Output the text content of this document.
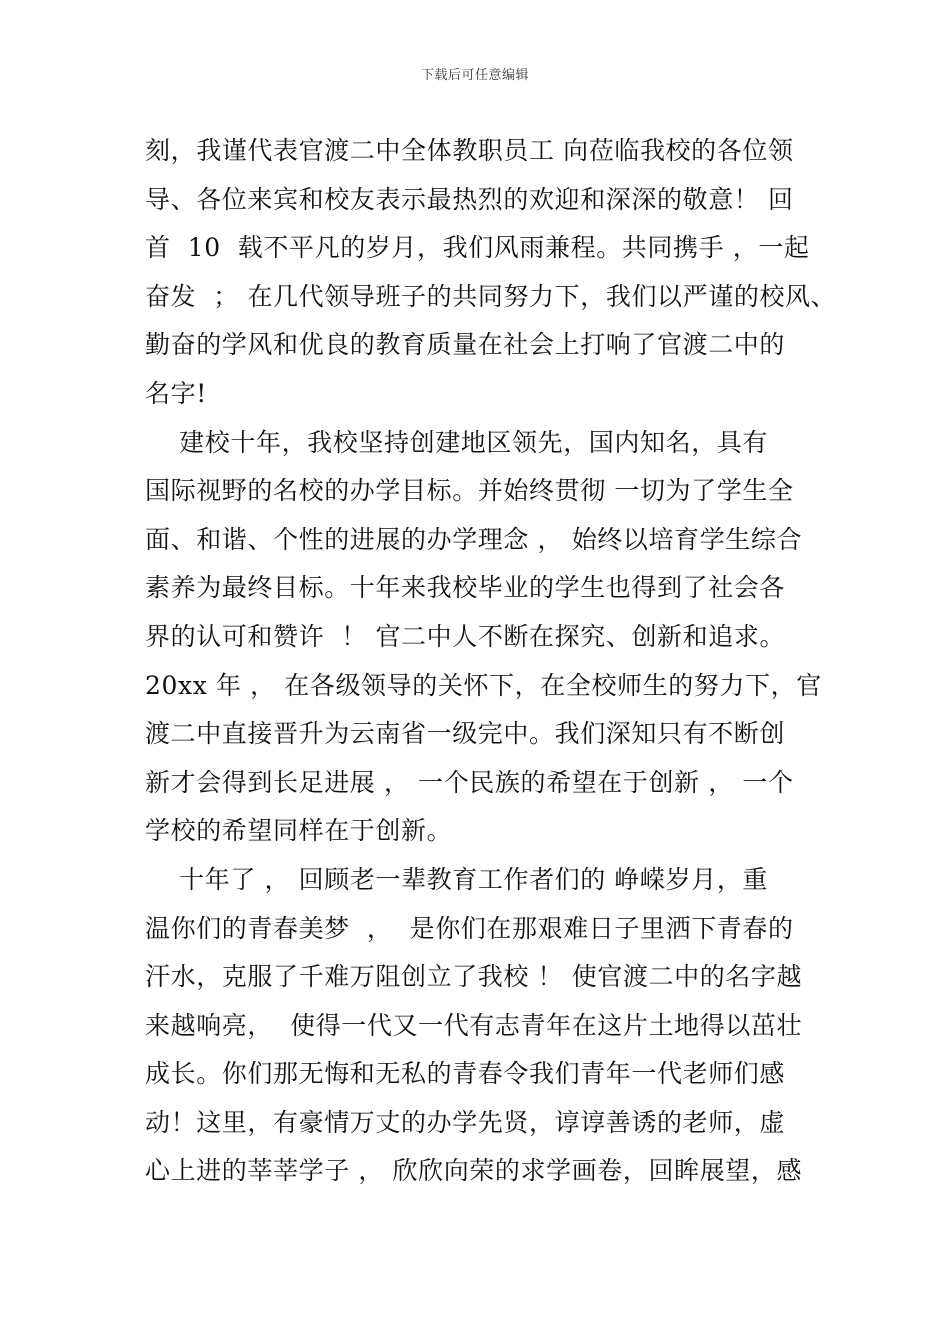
下载后可任意编辑
刻，我谨代表官渡二中全体教职员工 向莅临我校的各位领
导、各位来宾和校友表示最热烈的欢迎和深深的敬意！ 回
首  10  载不平凡的岁月，我们风雨兼程。共同携手 ，一起
奋发  ； 在几代领导班子的共同努力下，我们以严谨的校风、
勤奋的学风和优良的教育质量在社会上打响了官渡二中的
名字!
建校十年，我校坚持创建地区领先，国内知名，具有
国际视野的名校的办学目标。并始终贯彻 一切为了学生全
面、和谐、个性的进展的办学理念 ， 始终以培育学生综合
素养为最终目标。十年来我校毕业的学生也得到了社会各
界的认可和赞许  ！ 官二中人不断在探究、创新和追求。
20xx 年 ， 在各级领导的关怀下，在全校师生的努力下，官
渡二中直接晋升为云南省一级完中。我们深知只有不断创
新才会得到长足进展 ， 一个民族的希望在于创新 ， 一个
学校的希望同样在于创新。
十年了 ， 回顾老一辈教育工作者们的 峥嵘岁月，重
温你们的青春美梦  ，  是你们在那艰难日子里洒下青春的
汗水，克服了千难万阻创立了我校 ！ 使官渡二中的名字越
来越响亮，  使得一代又一代有志青年在这片土地得以茁壮
成长。你们那无悔和无私的青春令我们青年一代老师们感
动！这里，有豪情万丈的办学先贤，谆谆善诱的老师，虚
心上进的莘莘学子 ， 欣欣向荣的求学画卷，回眸展望，感
